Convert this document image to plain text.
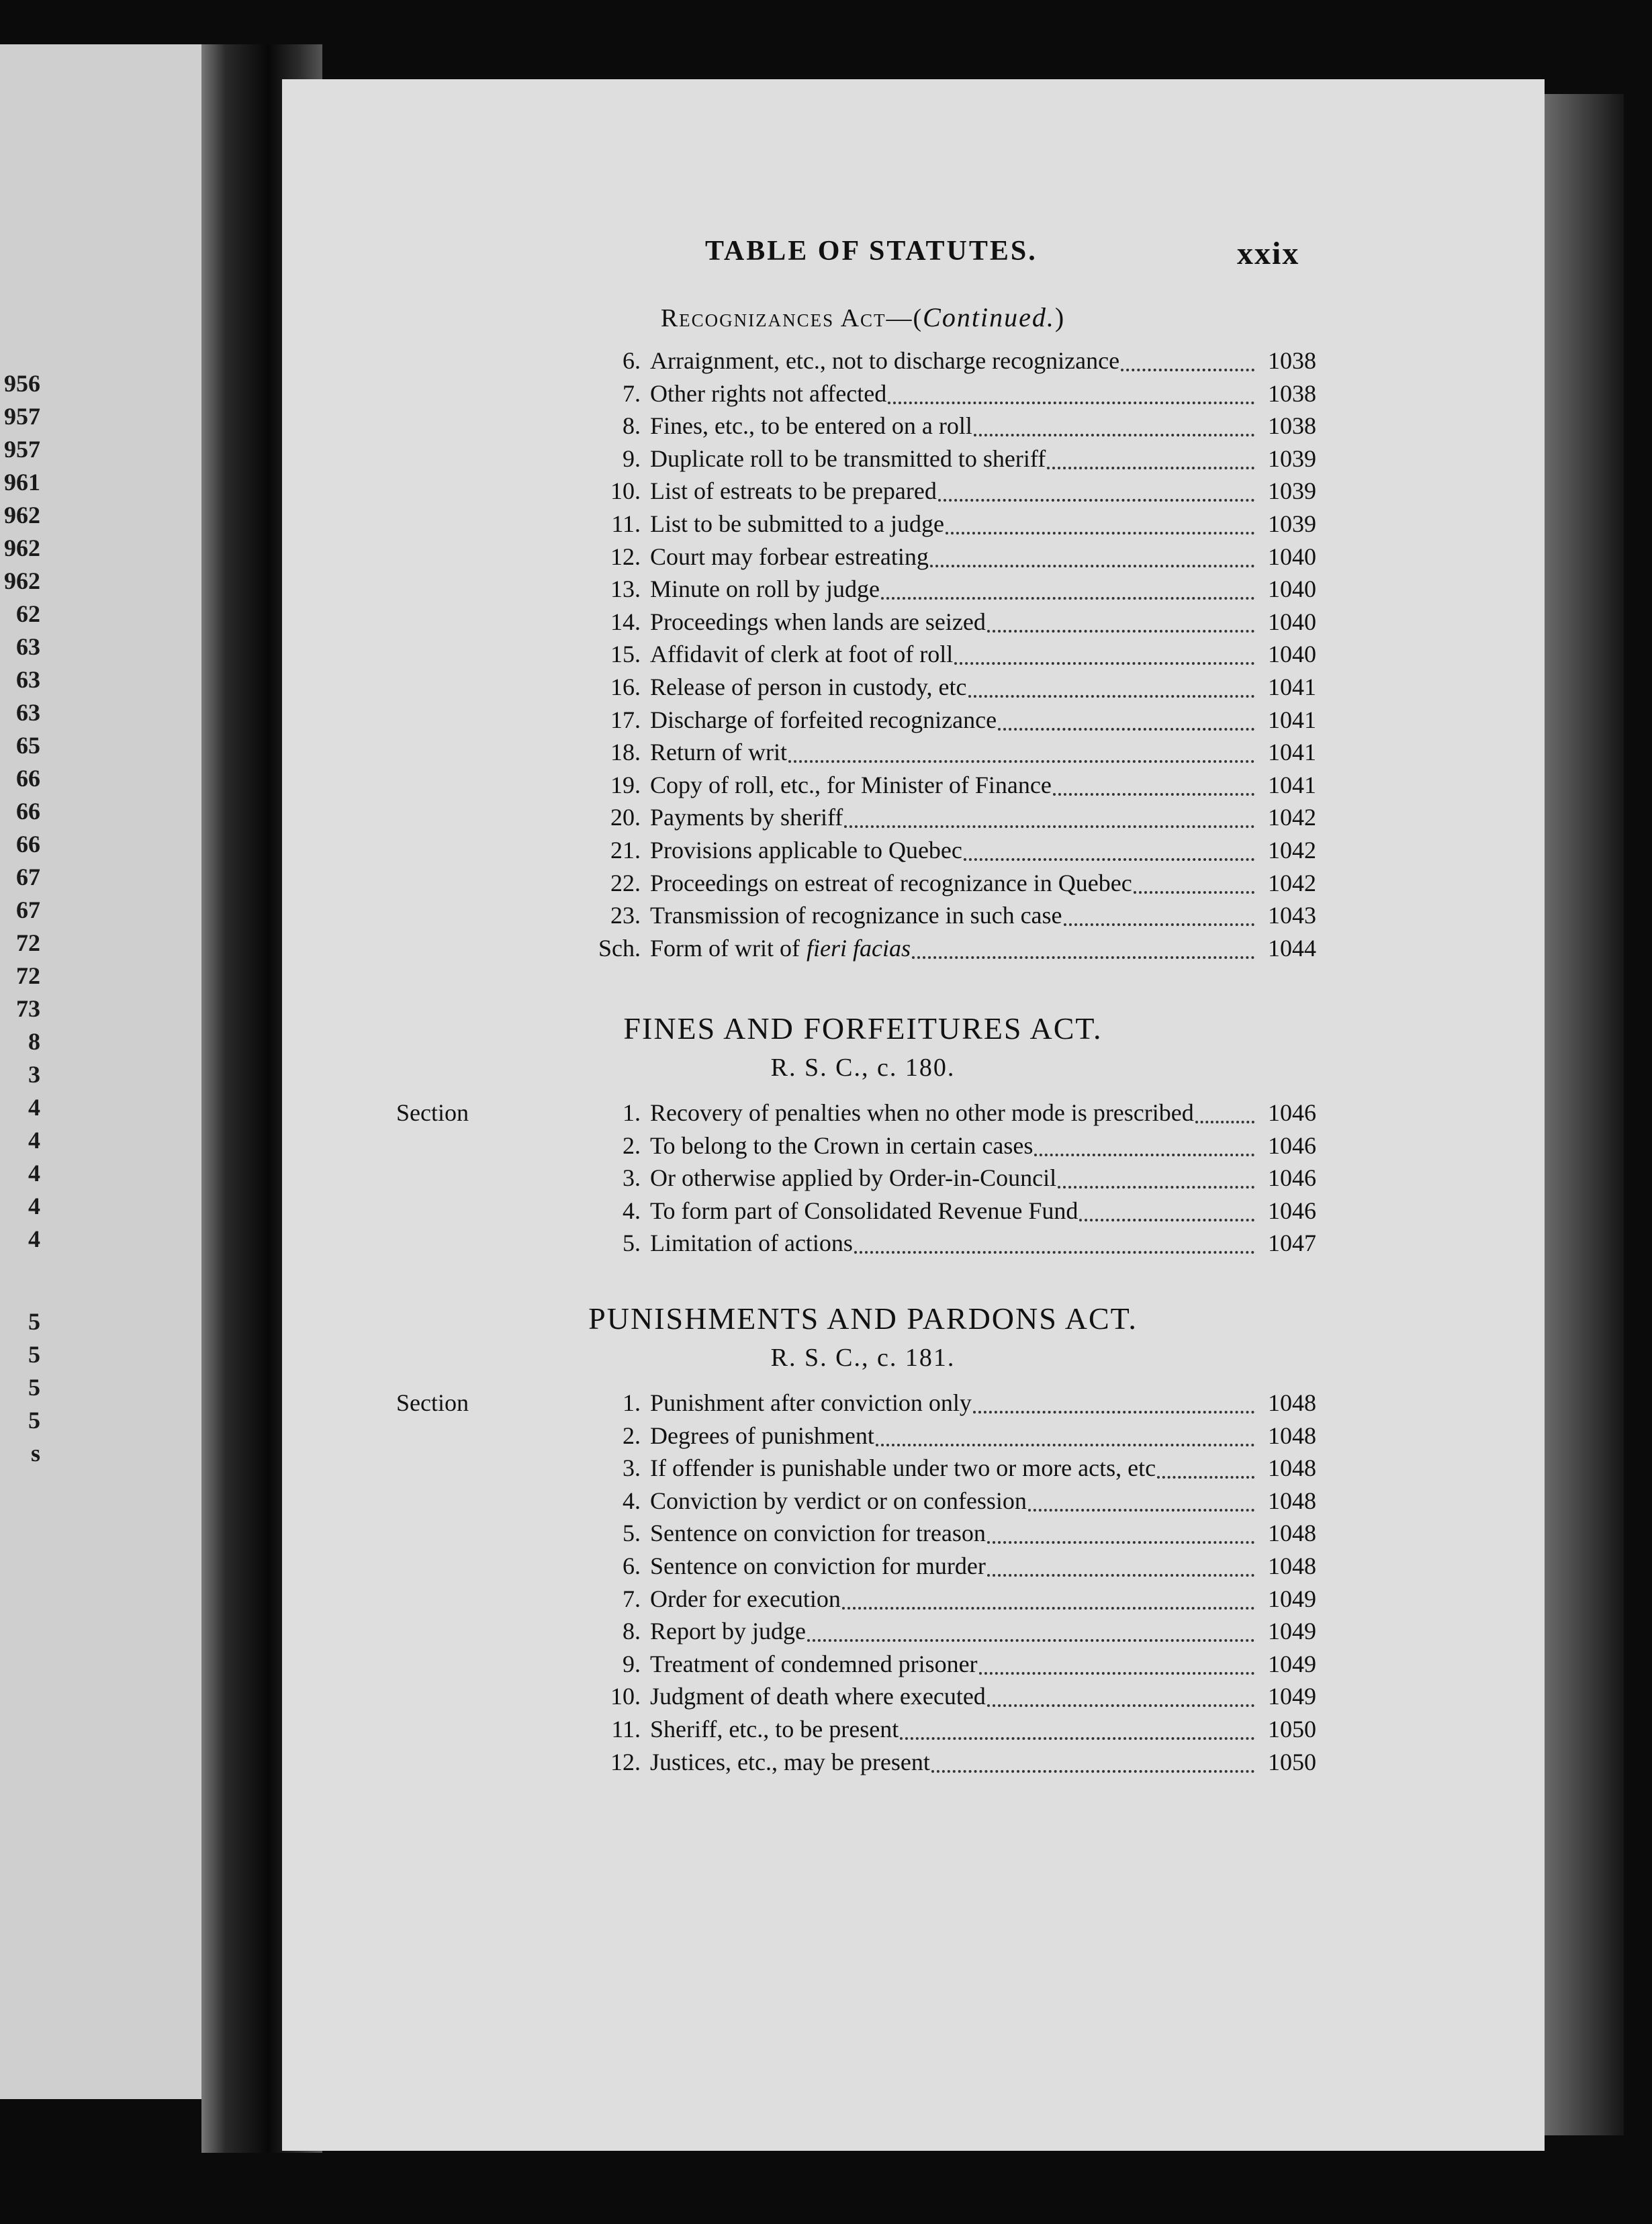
956
957
957
961
962
962
962
62
63
63
63
65
66
66
66
67
67
72
72
73
8
3
4
4
4
4
4
5
5
5
5
s
TABLE OF STATUTES.	xxix
Recognizances Act—(Continued.)
6. Arraignment, etc., not to discharge recognizance	1038
7. Other rights not affected	1038
8. Fines, etc., to be entered on a roll	1038
9. Duplicate roll to be transmitted to sheriff	1039
10. List of estreats to be prepared	1039
11. List to be submitted to a judge	1039
12. Court may forbear estreating	1040
13. Minute on roll by judge	1040
14. Proceedings when lands are seized	1040
15. Affidavit of clerk at foot of roll	1040
16. Release of person in custody, etc	1041
17. Discharge of forfeited recognizance	1041
18. Return of writ	1041
19. Copy of roll, etc., for Minister of Finance	1041
20. Payments by sheriff	1042
21. Provisions applicable to Quebec	1042
22. Proceedings on estreat of recognizance in Quebec	1042
23. Transmission of recognizance in such case	1043
Sch. Form of writ of fieri facias	1044
FINES AND FORFEITURES ACT.
R. S. C., c. 180.
Section	1. Recovery of penalties when no other mode is prescribed	1046
2. To belong to the Crown in certain cases	1046
3. Or otherwise applied by Order-in-Council	1046
4. To form part of Consolidated Revenue Fund	1046
5. Limitation of actions	1047
PUNISHMENTS AND PARDONS ACT.
R. S. C., c. 181.
Section	1. Punishment after conviction only	1048
2. Degrees of punishment	1048
3. If offender is punishable under two or more acts, etc	1048
4. Conviction by verdict or on confession	1048
5. Sentence on conviction for treason	1048
6. Sentence on conviction for murder	1048
7. Order for execution	1049
8. Report by judge	1049
9. Treatment of condemned prisoner	1049
10. Judgment of death where executed	1049
11. Sheriff, etc., to be present	1050
12. Justices, etc., may be present	1050
